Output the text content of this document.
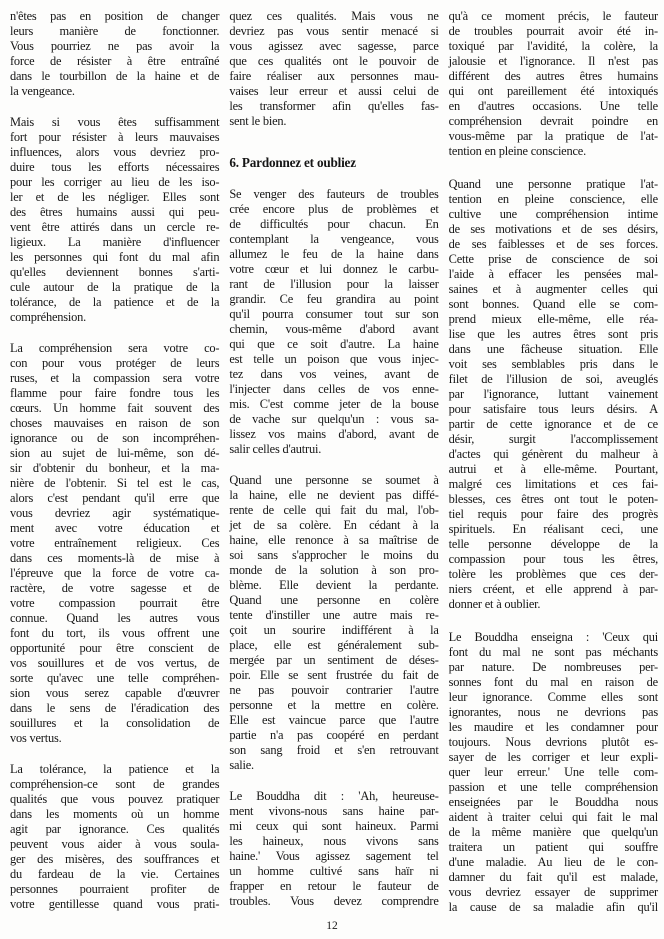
n'êtes pas en position de changer
leurs manière de fonctionner.
Vous pourriez ne pas avoir la
force de résister à être entraîné
dans le tourbillon de la haine et de
la vengeance.
Mais si vous êtes suffisamment
fort pour résister à leurs mauvaises
influences, alors vous devriez pro-
duire tous les efforts nécessaires
pour les corriger au lieu de les iso-
ler et de les négliger. Elles sont
des êtres humains aussi qui peu-
vent être attirés dans un cercle re-
ligieux. La manière d'influencer
les personnes qui font du mal afin
qu'elles deviennent bonnes s'arti-
cule autour de la pratique de la
tolérance, de la patience et de la
compréhension.
La compréhension sera votre co-
con pour vous protéger de leurs
ruses, et la compassion sera votre
flamme pour faire fondre tous les
cœurs. Un homme fait souvent des
choses mauvaises en raison de son
ignorance ou de son incompréhen-
sion au sujet de lui-même, son dé-
sir d'obtenir du bonheur, et la ma-
nière de l'obtenir. Si tel est le cas,
alors c'est pendant qu'il erre que
vous devriez agir systématique-
ment avec votre éducation et
votre entraînement religieux. Ces
dans ces moments-là de mise à
l'épreuve que la force de votre ca-
ractère, de votre sagesse et de
votre compassion pourrait être
connue. Quand les autres vous
font du tort, ils vous offrent une
opportunité pour être conscient de
vos souillures et de vos vertus, de
sorte qu'avec une telle compréhen-
sion vous serez capable d'œuvrer
dans le sens de l'éradication des
souillures et la consolidation de
vos vertus.
La tolérance, la patience et la
compréhension-ce sont de grandes
qualités que vous pouvez pratiquer
dans les moments où un homme
agit par ignorance. Ces qualités
peuvent vous aider à vous soula-
ger des misères, des souffrances et
du fardeau de la vie. Certaines
personnes pourraient profiter de
votre gentillesse quand vous prati-
quez ces qualités. Mais vous ne
devriez pas vous sentir menacé si
vous agissez avec sagesse, parce
que ces qualités ont le pouvoir de
faire réaliser aux personnes mau-
vaises leur erreur et aussi celui de
les transformer afin qu'elles fas-
sent le bien.
6. Pardonnez et oubliez
Se venger des fauteurs de troubles
crée encore plus de problèmes et
de difficultés pour chacun. En
contemplant la vengeance, vous
allumez le feu de la haine dans
votre cœur et lui donnez le carbu-
rant de l'illusion pour la laisser
grandir. Ce feu grandira au point
qu'il pourra consumer tout sur son
chemin, vous-même d'abord avant
qui que ce soit d'autre. La haine
est telle un poison que vous injec-
tez dans vos veines, avant de
l'injecter dans celles de vos enne-
mis. C'est comme jeter de la bouse
de vache sur quelqu'un : vous sa-
lissez vos mains d'abord, avant de
salir celles d'autrui.
Quand une personne se soumet à
la haine, elle ne devient pas diffé-
rente de celle qui fait du mal, l'ob-
jet de sa colère. En cédant à la
haine, elle renonce à sa maîtrise de
soi sans s'approcher le moins du
monde de la solution à son pro-
blème. Elle devient la perdante.
Quand une personne en colère
tente d'instiller une autre mais re-
çoit un sourire indifférent à la
place, elle est généralement sub-
mergée par un sentiment de déses-
poir. Elle se sent frustrée du fait de
ne pas pouvoir contrarier l'autre
personne et la mettre en colère.
Elle est vaincue parce que l'autre
partie n'a pas coopéré en perdant
son sang froid et s'en retrouvant
salie.
Le Bouddha dit : 'Ah, heureuse-
ment vivons-nous sans haine par-
mi ceux qui sont haineux. Parmi
les haineux, nous vivons sans
haine.' Vous agissez sagement tel
un homme cultivé sans haïr ni
frapper en retour le fauteur de
troubles. Vous devez comprendre
qu'à ce moment précis, le fauteur
de troubles pourrait avoir été in-
toxiqué par l'avidité, la colère, la
jalousie et l'ignorance. Il n'est pas
différent des autres êtres humains
qui ont pareillement été intoxiqués
en d'autres occasions. Une telle
compréhension devrait poindre en
vous-même par la pratique de l'at-
tention en pleine conscience.
Quand une personne pratique l'at-
tention en pleine conscience, elle
cultive une compréhension intime
de ses motivations et de ses désirs,
de ses faiblesses et de ses forces.
Cette prise de conscience de soi
l'aide à effacer les pensées mal-
saines et à augmenter celles qui
sont bonnes. Quand elle se com-
prend mieux elle-même, elle réa-
lise que les autres êtres sont pris
dans une fâcheuse situation. Elle
voit ses semblables pris dans le
filet de l'illusion de soi, aveuglés
par l'ignorance, luttant vainement
pour satisfaire tous leurs désirs. A
partir de cette ignorance et de ce
désir, surgit l'accomplissement
d'actes qui génèrent du malheur à
autrui et à elle-même. Pourtant,
malgré ces limitations et ces fai-
blesses, ces êtres ont tout le poten-
tiel requis pour faire des progrès
spirituels. En réalisant ceci, une
telle personne développe de la
compassion pour tous les êtres,
tolère les problèmes que ces der-
niers créent, et elle apprend à par-
donner et à oublier.
Le Bouddha enseigna : 'Ceux qui
font du mal ne sont pas méchants
par nature. De nombreuses per-
sonnes font du mal en raison de
leur ignorance. Comme elles sont
ignorantes, nous ne devrions pas
les maudire et les condamner pour
toujours. Nous devrions plutôt es-
sayer de les corriger et leur expli-
quer leur erreur.' Une telle com-
passion et une telle compréhension
enseignées par le Bouddha nous
aident à traiter celui qui fait le mal
de la même manière que quelqu'un
traitera un patient qui souffre
d'une maladie. Au lieu de le con-
damner du fait qu'il est malade,
vous devriez essayer de supprimer
la cause de sa maladie afin qu'il
12
